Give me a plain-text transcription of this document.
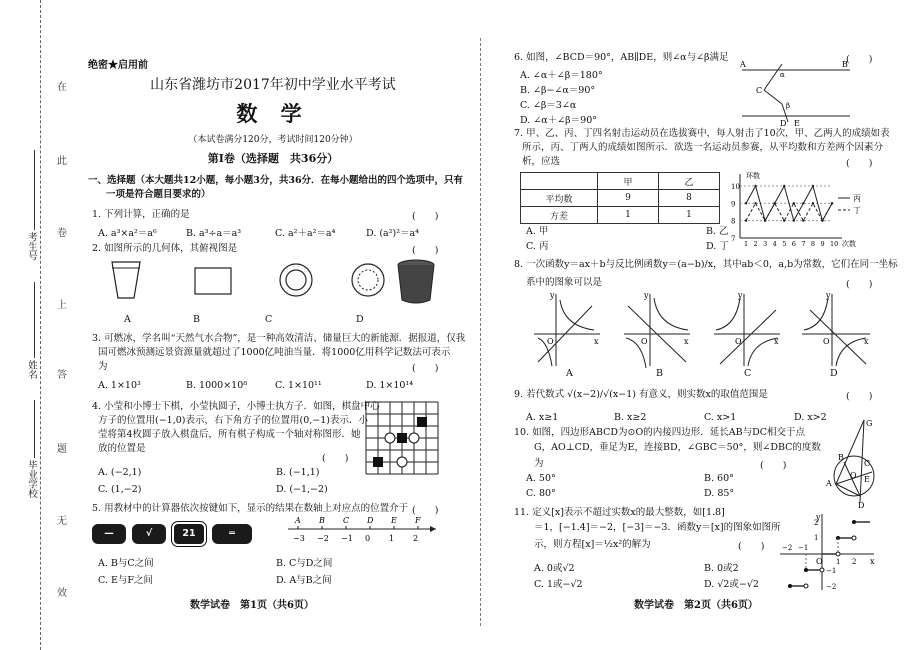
在
此
卷
上
答
题
无
效
考生号
姓名
毕业学校
绝密★启用前
山东省潍坊市2017年初中学业水平考试
数 学
（本试卷满分120分，考试时间120分钟）
第Ⅰ卷（选择题　共36分）
一、选择题（本大题共12小题，每小题3分，共36分．在每小题给出的四个选项中，只有
一项是符合题目要求的）
1. 下列计算，正确的是	(　　)
A. a³×a²＝a⁶	B. a³÷a＝a³	C. a²＋a²＝a⁴	D. (a²)²＝a⁴
2. 如图所示的几何体，其俯视图是	(　　)
A	B	C	D
3. 可燃冰，学名叫“天然气水合物”，是一种高效清洁、储量巨大的新能源．据报道，仅我
国可燃冰预测远景资源量就超过了1000亿吨油当量．将1000亿用科学记数法可表示
为	(　　)
A. 1×10³	B. 1000×10⁸	C. 1×10¹¹	D. 1×10¹⁴
4. 小莹和小博士下棋，小莹执圆子，小博士执方子．如图，棋盘中心
方子的位置用(−1,0)表示，右下角方子的位置用(0,−1)表示．小
莹将第4枚圆子放入棋盘后，所有棋子构成一个轴对称图形．她
放的位置是
(　　)
A. (−2,1)	B. (−1,1)
C. (1,−2)	D. (−1,−2)
5. 用教材中的计算器依次按键如下，显示的结果在数轴上对应点的位置介于 (　　)
—	√	21	═
A
−3
B
−2
C
−1
D
0
E
1
F
2
A. B与C之间	B. C与D之间
C. E与F之间	D. A与B之间
数学试卷　第1页（共6页）
6. 如图，∠BCD＝90°，AB∥DE，则∠α与∠β满足	(　　)
A. ∠α＋∠β＝180°
B. ∠β−∠α＝90°
C. ∠β＝3∠α
D. ∠α＋∠β＝90°
A	B
α
C
β
D E
7. 甲、乙、丙、丁四名射击运动员在选拔赛中，每人射击了10次，甲、乙两人的成绩如表
所示，丙、丁两人的成绩如图所示．欲选一名运动员参赛，从平均数和方差两个因素分
析，应选	(　　)
	甲	乙
平均数	9	8
方差	1	1
7
8
9
10
1 2 3 4 5 6 7 8 9 10
环数
次数
丙
丁
A. 甲	B. 乙
C. 丙	D. 丁
8. 一次函数y＝ax＋b与反比例函数y＝(a−b)/x，其中ab＜0，a,b为常数，它们在同一坐标
系中的图象可以是	(　　)
y
x
O
y
x
O
y
x
O
y
x
O
A	B	C	D
9. 若代数式 √(x−2)/√(x−1) 有意义，则实数x的取值范围是	(　　)
A. x≥1	B. x≥2	C. x>1	D. x>2
10. 如图，四边形ABCD为⊙O的内接四边形．延长AB与DC相交于点
G，AO⊥CD，垂足为E，连接BD，∠GBC＝50°，则∠DBC的度数
为	(　　)
A. 50°	B. 60°
C. 80°	D. 85°
G
B
C
O E
A
D
11. 定义[x]表示不超过实数x的最大整数，如[1.8]
＝1，[−1.4]＝−2，[−3]＝−3．函数y＝[x]的图象如图所
示，则方程[x]＝½x²的解为	(　　)
A. 0或√2	B. 0或2
C. 1或−√2	D. √2或−√2
y
x
O 1 2
−1
−2
1
2
−1
−2
数学试卷　第2页（共6页）
